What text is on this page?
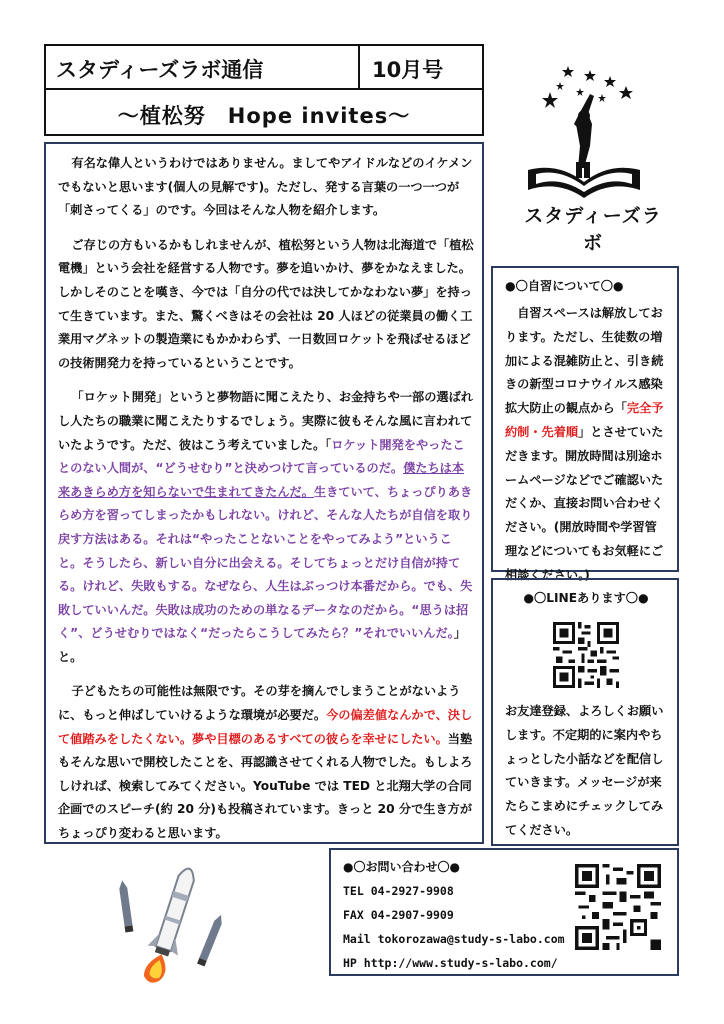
スタディーズラボ通信	10月号
〜植松努　Hope invites〜
スタディーズラボ

有名な偉人というわけではありません。ましてやアイドルなどのイケメンでもないと思います(個人の見解です)。ただし、発する言葉の一つ一つが「刺さってくる」のです。今回はそんな人物を紹介します。

ご存じの方もいるかもしれませんが、植松努という人物は北海道で「植松電機」という会社を経営する人物です。夢を追いかけ、夢をかなえました。しかしそのことを嘆き、今では「自分の代では決してかなわない夢」を持って生きています。また、驚くべきはその会社は 20 人ほどの従業員の働く工業用マグネットの製造業にもかかわらず、一日数回ロケットを飛ばせるほどの技術開発力を持っているということです。

「ロケット開発」というと夢物語に聞こえたり、お金持ちや一部の選ばれし人たちの職業に聞こえたりするでしょう。実際に彼もそんな風に言われていたようです。ただ、彼はこう考えていました。「ロケット開発をやったことのない人間が、“どうせむり”と決めつけて言っているのだ。僕たちは本来あきらめ方を知らないで生まれてきたんだ。生きていて、ちょっぴりあきらめ方を習ってしまったかもしれない。けれど、そんな人たちが自信を取り戻す方法はある。それは“やったことないことをやってみよう”ということ。そうしたら、新しい自分に出会える。そしてちょっとだけ自信が持てる。けれど、失敗もする。なぜなら、人生はぶっつけ本番だから。でも、失敗していいんだ。失敗は成功のための単なるデータなのだから。“思うは招く”、どうせむりではなく“だったらこうしてみたら？”それでいいんだ。」と。

子どもたちの可能性は無限です。その芽を摘んでしまうことがないように、もっと伸ばしていけるような環境が必要だ。今の偏差値なんかで、決して値踏みをしたくない。夢や目標のあるすべての彼らを幸せにしたい。当塾もそんな思いで開校したことを、再認識させてくれる人物でした。もしよろしければ、検索してみてください。YouTube では TED と北翔大学の合同企画でのスピーチ(約 20 分)も投稿されています。きっと 20 分で生き方がちょっぴり変わると思います。

●〇自習について〇●

自習スペースは解放しております。ただし、生徒数の増加による混雑防止と、引き続きの新型コロナウイルス感染拡大防止の観点から「完全予約制・先着順」とさせていただきます。開放時間は別途ホームページなどでご確認いただくか、直接お問い合わせください。(開放時間や学習管理などについてもお気軽にご相談ください。)

●〇LINEあります〇●

お友達登録、よろしくお願いします。不定期的に案内やちょっとした小話などを配信していきます。メッセージが来たらこまめにチェックしてみてください。

●〇お問い合わせ〇●

TEL 04-2927-9908

FAX 04-2907-9909

Mail tokorozawa@study-s-labo.com

HP http://www.study-s-labo.com/
